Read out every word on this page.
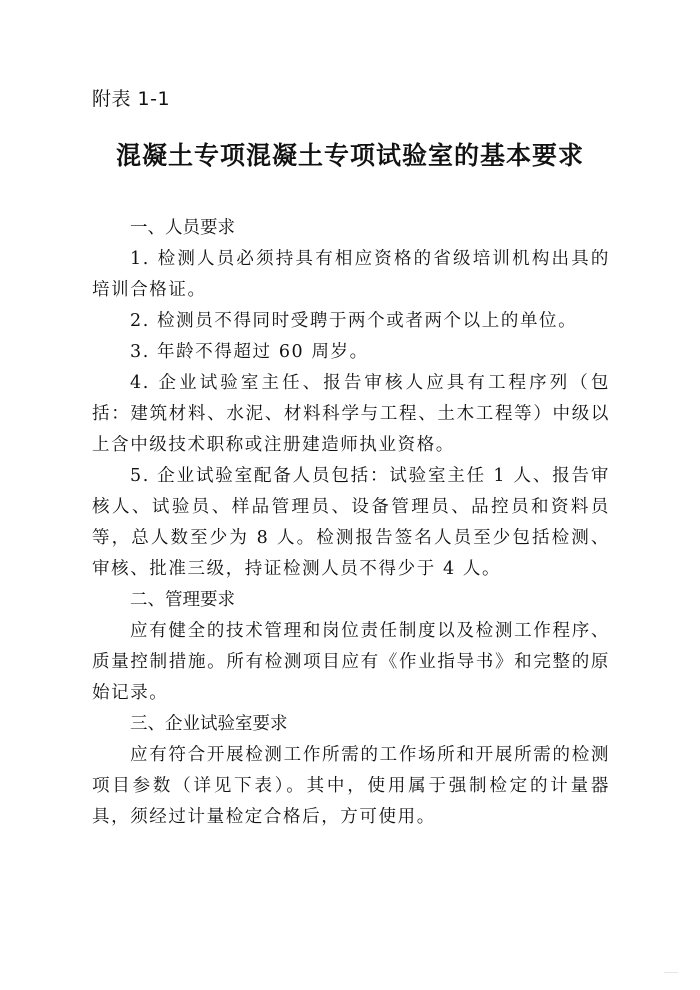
附表 1-1
混凝土专项混凝土专项试验室的基本要求
一、人员要求
1. 检测人员必须持具有相应资格的省级培训机构出具的培训合格证。
2. 检测员不得同时受聘于两个或者两个以上的单位。
3. 年龄不得超过 60 周岁。
4. 企业试验室主任、报告审核人应具有工程序列（包括：建筑材料、水泥、材料科学与工程、土木工程等）中级以上含中级技术职称或注册建造师执业资格。
5. 企业试验室配备人员包括：试验室主任 1 人、报告审核人、试验员、样品管理员、设备管理员、品控员和资料员等，总人数至少为 8 人。检测报告签名人员至少包括检测、审核、批准三级，持证检测人员不得少于 4 人。
二、管理要求
应有健全的技术管理和岗位责任制度以及检测工作程序、质量控制措施。所有检测项目应有《作业指导书》和完整的原始记录。
三、企业试验室要求
应有符合开展检测工作所需的工作场所和开展所需的检测项目参数（详见下表）。其中，使用属于强制检定的计量器具，须经过计量检定合格后，方可使用。
